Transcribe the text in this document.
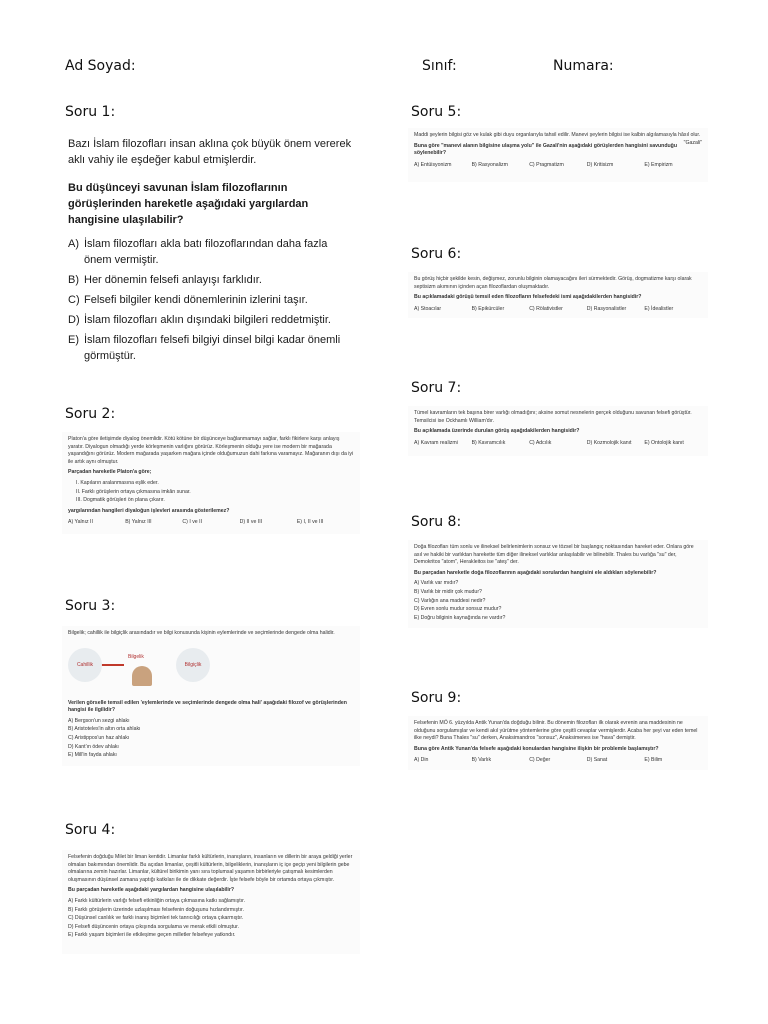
Ad Soyad:	Sınıf:	Numara:
Soru 1:

Bazı İslam filozofları insan aklına çok büyük önem vererek aklı vahiy ile eşdeğer kabul etmişlerdir.

Bu düşünceyi savunan İslam filozoflarının görüşlerinden hareketle aşağıdaki yargılardan hangisine ulaşılabilir?

A) İslam filozofları akla batı filozoflarından daha fazla önem vermiştir.
B) Her dönemin felsefi anlayışı farklıdır.
C) Felsefi bilgiler kendi dönemlerinin izlerini taşır.
D) İslam filozofları aklın dışındaki bilgileri reddetmiştir.
E) İslam filozofları felsefi bilgiyi dinsel bilgi kadar önemli görmüştür.
Soru 2:

Platon'a göre iletişimde diyalog önemlidir. Kötü kötüne bir düşünceye bağlanmamayı sağlar, farklı fikirlere karşı anlayış yaratır. Diyalogun olmadığı yerde körleşmenin varlığını görürüz. Körleşmenin olduğu yere ise modern bir mağarada yaşandığını görürüz. Modern mağarada yaşarken mağara içinde olduğumuzun dahi farkına varamayız. Mağaranın dışı da iyi ile artık aynı olmuştur.

Parçadan hareketle Platon'a göre;

I. Kapıların aralanmasına eşlik eder.
II. Farklı görüşlerin ortaya çıkmasına imkân sunar.
III. Dogmatik görüşleri ön plana çıkarır.

yargılarından hangileri diyaloğun işlevleri arasında gösterilemez?

A) Yalnız II	B) Yalnız III	C) I ve II	D) II ve III	E) I, II ve III
Soru 3:

Bilgelik; cahillik ile bilgiçlik arasındadır ve bilgi konusunda kişinin eylemlerinde ve seçimlerinde dengede olma halidir.

Cahillik
Bilgelik
Bilgiçlik

Verilen görselle temsil edilen 'eylemlerinde ve seçimlerinde dengede olma hali' aşağıdaki filozof ve görüşlerinden hangisi ile ilgilidir?

A) Bergson'un sezgi ahlakı
B) Aristoteles'in altın orta ahlakı
C) Aristippos'un haz ahlakı
D) Kant'ın ödev ahlakı
E) Mill'in fayda ahlakı
Soru 4:

Felsefenin doğduğu Milet bir liman kentidir. Limanlar farklı kültürlerin, inanışların, insanların ve dillerin bir araya geldiği yerler olmaları bakımından önemlidir. Bu açıdan limanlar, çeşitli kültürlerin, bilgeliklerin, inanışların iç içe geçip yeni bilgilerin gebe olmalarına zemin hazırlar. Limanlar, kültürel birikimin yanı sıra toplumsal yaşamın birbirleriyle çatışmalı kesimlerden oluşmasının düşünsel zamana yaptığı katkıları ile de dikkate değerdir. İşte felsefe böyle bir ortamda ortaya çıkmıştır.

Bu parçadan hareketle aşağıdaki yargılardan hangisine ulaşılabilir?

A) Farklı kültürlerin varlığı felsefi etkinliğin ortaya çıkmasına katkı sağlamıştır.
B) Farklı görüşlerin üzerinde uzlaşılması felsefenin doğuşunu hızlandırmıştır.
C) Düşünsel canlılık ve farklı inanış biçimleri tek tanrıcılığı ortaya çıkarmıştır.
D) Felsefi düşüncenin ortaya çıkışında sorgulama ve merak etkili olmuştur.
E) Farklı yaşam biçimleri ile etkileşime geçen milletler felsefeye yatkındır.
Soru 5:

Maddi şeylerin bilgisi göz ve kulak gibi duyu organlarıyla tahsil edilir. Manevi şeylerin bilgisi ise kalbin algılamasıyla hâsıl olur.
"Gazali"

Buna göre "manevi alanın bilgisine ulaşma yolu" ile Gazali'nin aşağıdaki görüşlerden hangisini savunduğu söylenebilir?

A) Entüisyonizm	B) Rasyonalizm	C) Pragmatizm	D) Kritisizm	E) Empirizm
Soru 6:

Bu görüş hiçbir şekilde kesin, değişmez, zorunlu bilginin olamayacağını ileri sürmektedir. Görüş, dogmatizme karşı olarak septisizm akımının içinden açan filozoflardan oluşmaktadır.

Bu açıklamadaki görüşü temsil eden filozofların felsefedeki ismi aşağıdakilerden hangisidir?

A) Stoacılar	B) Epikürcüler	C) Rölativistler	D) Rasyonalistler	E) İdealistler
Soru 7:

Tümel kavramların tek başına birer varlığı olmadığını; aksine somut nesnelerin gerçek olduğunu savunan felsefi görüştür. Temsilcisi ise Ockhamlı William'dır.

Bu açıklamada üzerinde durulan görüş aşağıdakilerden hangisidir?

A) Kavram realizmi	B) Kavramcılık	C) Adcılık	D) Kozmolojik kanıt	E) Ontolojik kanıt
Soru 8:

Doğa filozofları tüm sonlu ve ilineksel belirlenimlerin sonsuz ve tözsel bir başlangıç noktasından hareket eder. Onlara göre asıl ve hakiki bir varlıktan harekette tüm diğer ilineksel varlıklar anlaşılabilir ve bilinebilir. Thales bu varlığa "su" der, Demokritos "atom", Herakleitos ise "ateş" der.

Bu parçadan hareketle doğa filozoflarının aşağıdaki sorulardan hangisini ele aldıkları söylenebilir?

A) Varlık var mıdır?
B) Varlık bir midir çok mudur?
C) Varlığın ana maddesi nedir?
D) Evren sonlu mudur sonsuz mudur?
E) Doğru bilginin kaynağında ne vardır?
Soru 9:

Felsefenin MÖ 6. yüzyılda Antik Yunan'da doğduğu bilinir. Bu dönemin filozofları ilk olarak evrenin ana maddesinin ne olduğunu sorgulamışlar ve kendi akıl yürütme yöntemlerine göre çeşitli cevaplar vermişlerdir. Acaba her şeyi var eden temel ilke neydi? Buna Thales "su" derken, Anaksimandros "sonsuz", Anaksimenes ise "hava" demiştir.

Buna göre Antik Yunan'da felsefe aşağıdaki konulardan hangisine ilişkin bir problemle başlamıştır?

A) Din	B) Varlık	C) Değer	D) Sanat	E) Bilim
